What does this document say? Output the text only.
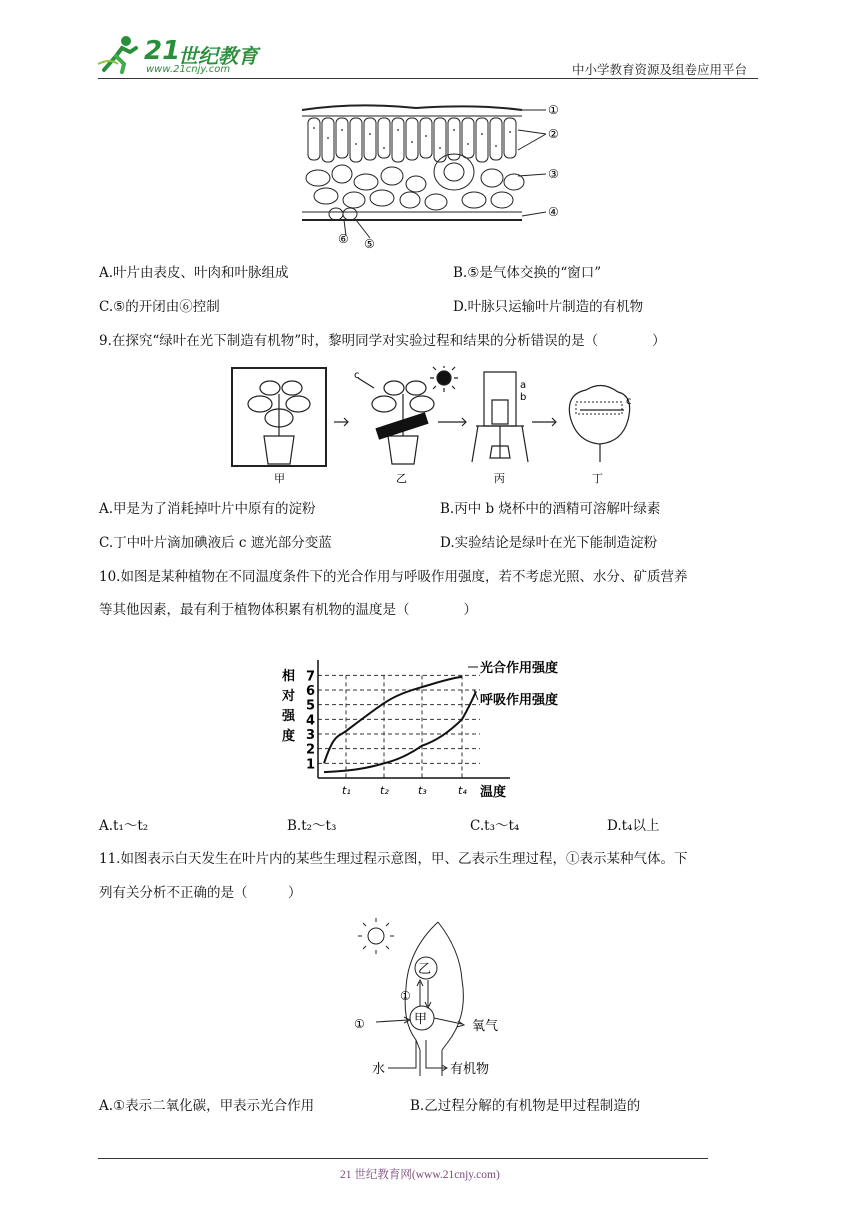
21
世纪教育
www.21cnjy.com	中小学教育资源及组卷应用平台
①
②
③
④
⑤
⑥
A.叶片由表皮、叶肉和叶脉组成	B.⑤是气体交换的“窗口”
C.⑤的开闭由⑥控制	D.叶脉只运输叶片制造的有机物
9.在探究“绿叶在光下制造有机物”时，黎明同学对实验过程和结果的分析错误的是（　　　　）
c
a
b	c
甲	乙	丙	丁
A.甲是为了消耗掉叶片中原有的淀粉	B.丙中 b 烧杯中的酒精可溶解叶绿素
C.丁中叶片滴加碘液后 c 遮光部分变蓝	D.实验结论是绿叶在光下能制造淀粉
10.如图是某种植物在不同温度条件下的光合作用与呼吸作用强度，若不考虑光照、水分、矿质营养
等其他因素，最有利于植物体积累有机物的温度是（　　　　）
1
2
3
4
5
6
7
t₁	t₂	t₃	t₄
相
对
强
度
温度
光合作用强度
呼吸作用强度
A.t₁～t₂	B.t₂～t₃	C.t₃～t₄	D.t₄以上
11.如图表示白天发生在叶片内的某些生理过程示意图，甲、乙表示生理过程，①表示某种气体。下
列有关分析不正确的是（　　　）
乙
甲
①
①	氧气
水	有机物
A.①表示二氧化碳，甲表示光合作用	B.乙过程分解的有机物是甲过程制造的
21 世纪教育网(www.21cnjy.com)
